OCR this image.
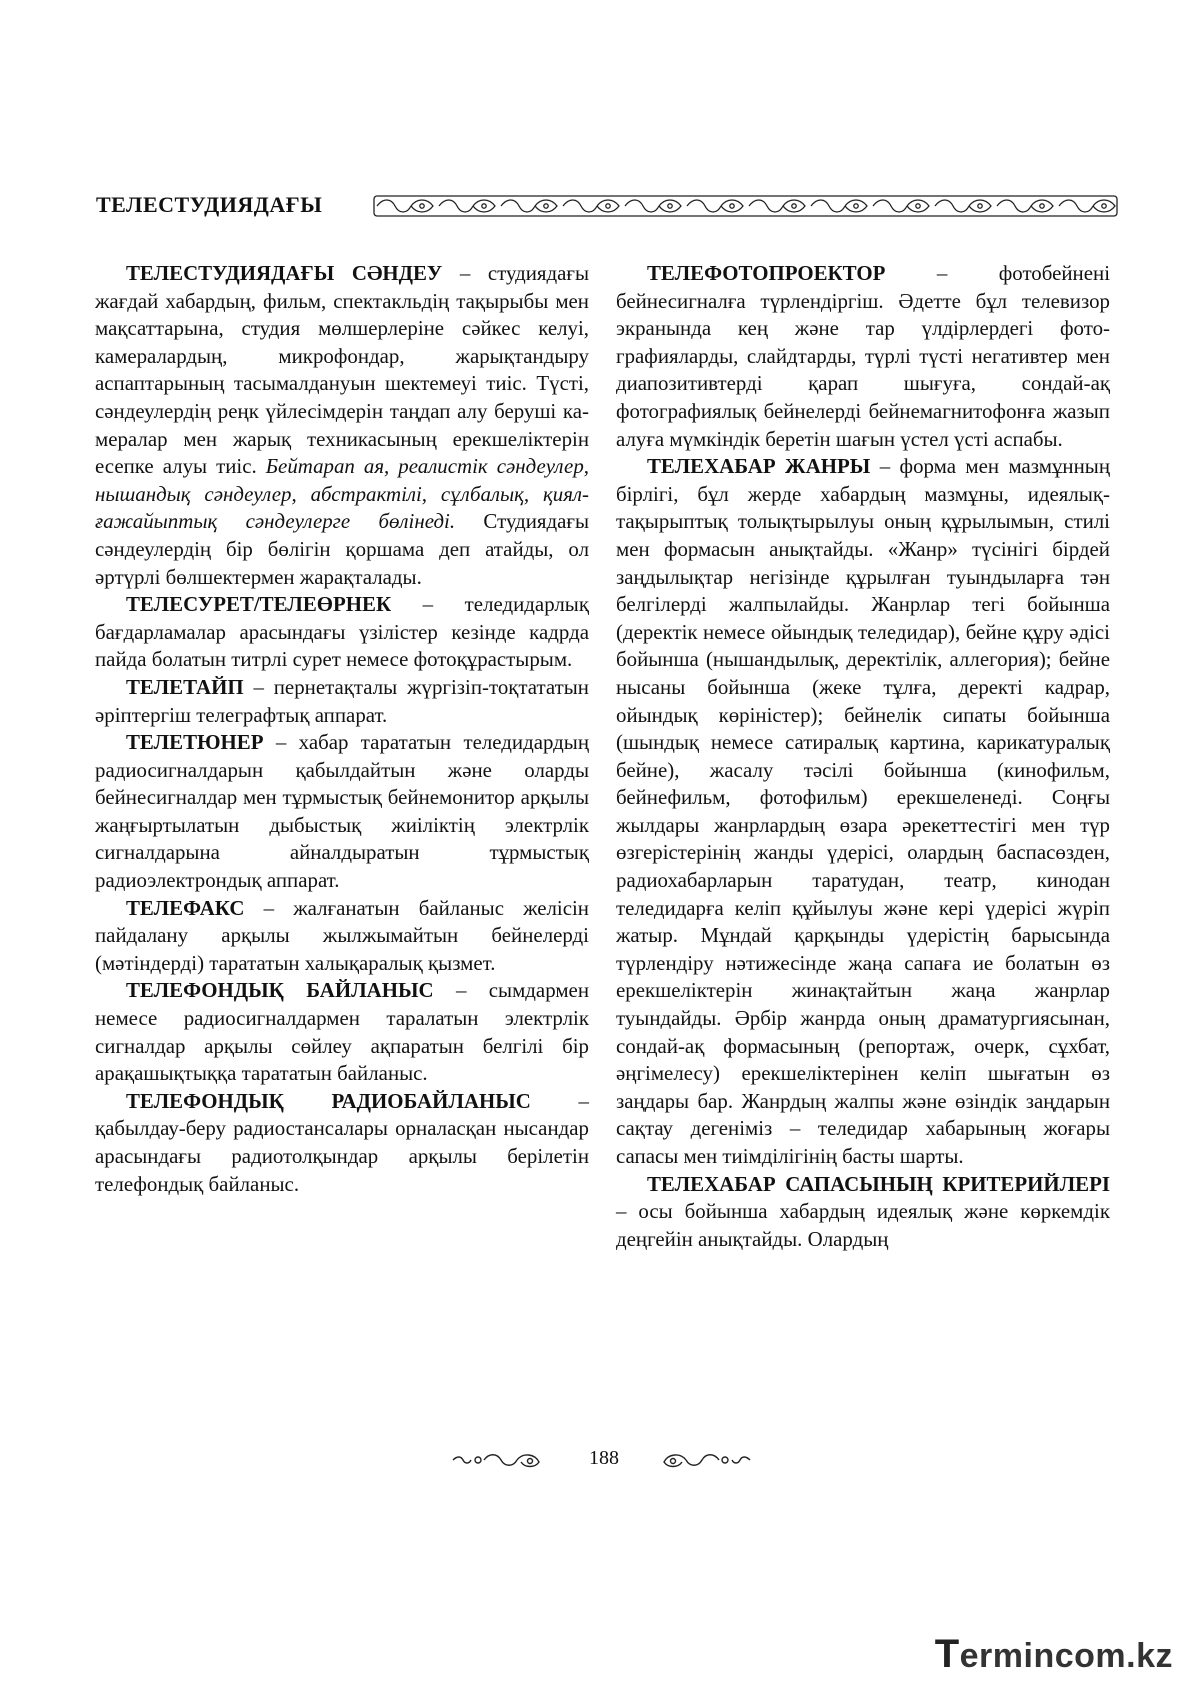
ТЕЛЕСТУДИЯДАҒЫ

ТЕЛЕСТУДИЯДАҒЫ СӘНДЕУ – студиядағы жағдай хабардың, фильм, спектакльдің тақырыбы мен мақсаттарына, студия мөлшерлеріне сәйкес келуі, камералардың, микрофондар, жарықтандыру аспаптарының тасымалдануын шектемеуі тиіс. Түсті, сәндеулердің реңк үйлесімдерін таңдап алу беруші камералар мен жарық техникасының ерекшеліктерін есепке алуы тиіс. Бейтарап ая, реалистік сәндеулер, нышандық сәндеулер, абстрактілі, сұлбалық, қиял-ғажайыптық сәндеулерге бөлінеді. Студиядағы сәндеулердің бір бөлігін қоршама деп атайды, ол әртүрлі бөлшектермен жарақталады.

ТЕЛЕСУРЕТ/ТЕЛЕӨРНЕК – теледидарлық бағдарламалар арасындағы үзілістер кезінде кадрда пайда болатын титрлі сурет немесе фотоқұрастырым.

ТЕЛЕТАЙП – пернетақталы жүргізіп-тоқтататын әріптергіш телеграфтық аппарат.

ТЕЛЕТЮНЕР – хабар тарататын теледидардың радиосигналдарын қабылдайтын және оларды бейнесигналдар мен тұрмыстық бейнемонитор арқылы жаңғыртылатын дыбыстық жиіліктің электрлік сигналдарына айналдыратын тұрмыстық радиоэлектрондық аппарат.

ТЕЛЕФАКС – жалғанатын байланыс желісін пайдалану арқылы жылжымайтын бейнелерді (мәтіндерді) тарататын халықаралық қызмет.

ТЕЛЕФОНДЫҚ БАЙЛАНЫС – сымдармен немесе радиосигналдармен таралатын электрлік сигналдар арқылы сөйлеу ақпаратын белгілі бір арақашықтыққа тарататын байланыс.

ТЕЛЕФОНДЫҚ РАДИОБАЙЛАНЫС – қабылдау-беру радиостансалары орналасқан нысандар арасындағы радиотолқындар арқылы берілетін телефондық байланыс.

ТЕЛЕФОТОПРОЕКТОР – фотобейнені бейнесигналға түрлендіргіш. Әдетте бұл телевизор экранында кең және тар үлдірлердегі фотографияларды, слайдтарды, түрлі түсті негативтер мен диапозитивтерді қарап шығуға, сондай-ақ фотографиялық бейнелерді бейнемагнитофонға жазып алуға мүмкіндік беретін шағын үстел үсті аспабы.

ТЕЛЕХАБАР ЖАНРЫ – форма мен мазмұнның бірлігі, бұл жерде хабардың мазмұны, идеялық-тақырыптық толықтырылуы оның құрылымын, стилі мен формасын анықтайды. «Жанр» түсінігі бірдей заңдылықтар негізінде құрылған туындыларға тән белгілерді жалпылайды. Жанрлар тегі бойынша (деректік немесе ойындық теледидар), бейне құру әдісі бойынша (нышандылық, деректілік, аллегория); бейне нысаны бойынша (жеке тұлға, деректі кадрар, ойындық көріністер); бейнелік сипаты бойынша (шындық немесе сатиралық картина, карикатуралық бейне), жасалу тәсілі бойынша (кинофильм, бейнефильм, фотофильм) ерекшеленеді. Соңғы жылдары жанрлардың өзара әрекеттестігі мен түр өзгерістерінің жанды үдерісі, олардың баспасөзден, радиохабарларын таратудан, театр, кинодан теледидарға келіп құйылуы және кері үдерісі жүріп жатыр. Мұндай қарқынды үдерістің барысында түрлендіру нәтижесінде жаңа сапаға ие болатын өз ерекшеліктерін жинақтайтын жаңа жанрлар туындайды. Әрбір жанрда оның драматургиясынан, сондай-ақ формасының (репортаж, очерк, сұхбат, әңгімелесу) ерекшеліктерінен келіп шығатын өз заңдары бар. Жанрдың жалпы және өзіндік заңдарын сақтау дегеніміз – теледидар хабарының жоғары сапасы мен тиімділігінің басты шарты.

ТЕЛЕХАБАР САПАСЫНЫҢ КРИТЕРИЙЛЕРІ – осы бойынша хабардың идеялық және көркемдік деңгейін анықтайды. Олардың

188
Termincom.kz
